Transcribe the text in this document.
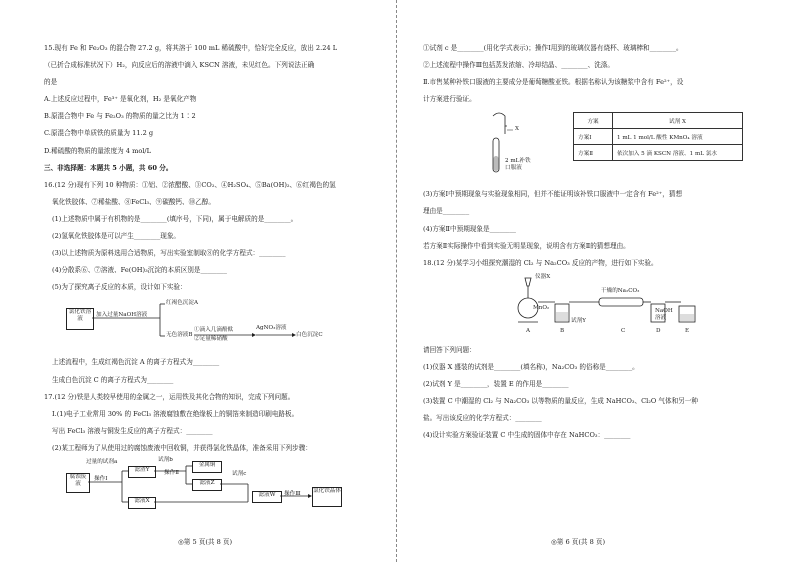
15.现有 Fe 和 Fe₂O₃ 的混合物 27.2 g，将其溶于 100 mL 稀硫酸中，恰好完全反应，放出 2.24 L
（已折合成标准状况下）H₂，向反应后的溶液中滴入 KSCN 溶液，未见红色。下列说法正确
的是
A.上述反应过程中，Fe³⁺ 是氧化剂，H₂ 是氧化产物
B.原混合物中 Fe 与 Fe₂O₃ 的物质的量之比为 1∶2
C.原混合物中单质铁的质量为 11.2 g
D.稀硫酸的物质的量浓度为 4 mol/L
三、非选择题：本题共 5 小题，共 60 分。
16.(12 分)现有下列 10 种物质：①铝、②浓醋酸、③CO₂、④H₂SO₄、⑤Ba(OH)₂、⑥红褐色的氢
氧化铁胶体、⑦稀盐酸、⑧FeCl₃、⑨碳酸钙、⑩乙醇。
(1)上述物质中属于有机物的是________(填序号，下同)，属于电解质的是________。
(2)氢氧化铁胶体是可以产生________现象。
(3)以上述物质为原料选用合适物质，写出实验室制取⑧的化学方程式：________
(4)分散系⑥、⑦溶液、Fe(OH)₃沉淀的本质区别是________
(5)为了探究离子反应的本质，设计如下实验：
氯化铁溶液
加入过量NaOH溶液
红褐色沉淀A
无色溶液B
①滴入几滴酚酞
②足量稀硝酸
AgNO₃溶液
白色沉淀C
上述流程中，生成红褐色沉淀 A 的离子方程式为________
生成白色沉淀 C 的离子方程式为________
17.(12 分)铁是人类较早使用的金属之一，运用铁及其化合物的知识，完成下列问题。
Ⅰ.(1)电子工业常用 30% 的 FeCl₃ 溶液腐蚀敷在绝缘板上的铜箔来制造印刷电路板。
写出 FeCl₃ 溶液与铜发生反应的离子方程式：________
(2)某工程师为了从使用过的腐蚀废液中回收铜，并获得氯化铁晶体，准备采用下列步骤：
过量的试剂a
腐蚀废液
操作Ⅰ
滤渣Y
滤液X
试剂b
操作Ⅱ
金属铜
滤液Z
试剂c
滤液W	操作Ⅲ 氯化铁晶体
◎第 5 页(共 8 页)
①试剂 c 是________(用化学式表示)；操作Ⅰ用到的玻璃仪器有烧杯、玻璃棒和________。
②上述流程中操作Ⅲ包括蒸发浓缩、冷却结晶、________、洗涤。
Ⅱ.市售某种补铁口服液的主要成分是葡萄糖酸亚铁。根据名称认为该糖浆中含有 Fe²⁺，设
计方案进行验证。
X
2 mL补铁口服液
方案	试剂 X
方案Ⅰ	1 mL 1 mol/L 酸性 KMnO₄ 溶液
方案Ⅱ	依次加入 5 滴 KSCN 溶液、1 mL 氯水
(3)方案Ⅰ中预期现象与实验现象相同，但并不能证明该补铁口服液中一定含有 Fe²⁺，猜想
理由是________
(4)方案Ⅱ中预期现象是________
若方案Ⅱ实际操作中看到实验无明显现象，说明含有方案Ⅱ的猜想理由。
18.(12 分)某学习小组探究潮湿的 Cl₂ 与 Na₂CO₃ 反应的产物，进行如下实验。
仪器X
MnO₂
干燥的Na₂CO₃
试剂Y
NaOH溶液
A	B	C	D	E
请回答下列问题：
(1)仪器 X 盛装的试剂是________(填名称)，Na₂CO₃ 的俗称是________。
(2)试剂 Y 是________，装置 E 的作用是________
(3)装置 C 中潮湿的 Cl₂ 与 Na₂CO₃ 以等物质的量反应，生成 NaHCO₃、Cl₂O 气体和另一种
盐。写出该反应的化学方程式：________
(4)设计实验方案验证装置 C 中生成的固体中存在 NaHCO₃：________
◎第 6 页(共 8 页)
